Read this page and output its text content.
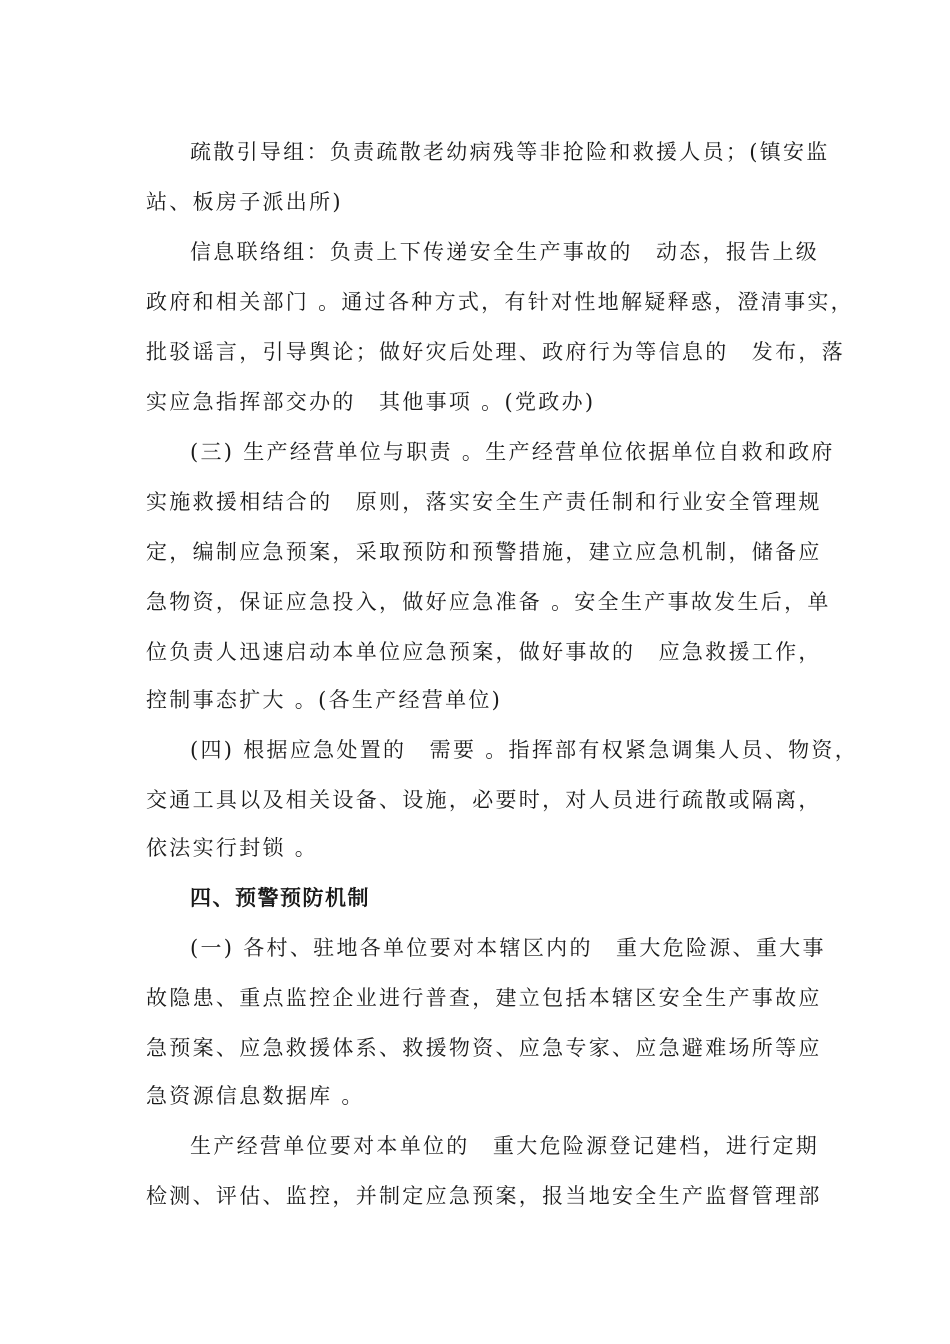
疏散引导组：负责疏散老幼病残等非抢险和救援人员；(镇安监
站、板房子派出所)
信息联络组：负责上下传递安全生产事故的　动态，报告上级
政府和相关部门 。通过各种方式，有针对性地解疑释惑，澄清事实，
批驳谣言，引导舆论；做好灾后处理、政府行为等信息的　发布，落
实应急指挥部交办的　其他事项 。(党政办)
(三) 生产经营单位与职责 。生产经营单位依据单位自救和政府
实施救援相结合的　原则，落实安全生产责任制和行业安全管理规
定，编制应急预案，采取预防和预警措施，建立应急机制，储备应
急物资，保证应急投入，做好应急准备 。安全生产事故发生后，单
位负责人迅速启动本单位应急预案，做好事故的　应急救援工作，
控制事态扩大 。(各生产经营单位)
(四) 根据应急处置的　需要 。指挥部有权紧急调集人员、物资，
交通工具以及相关设备、设施，必要时，对人员进行疏散或隔离，
依法实行封锁 。
四、预警预防机制
(一) 各村、驻地各单位要对本辖区内的　重大危险源、重大事
故隐患、重点监控企业进行普查，建立包括本辖区安全生产事故应
急预案、应急救援体系、救援物资、应急专家、应急避难场所等应
急资源信息数据库 。
生产经营单位要对本单位的　重大危险源登记建档，进行定期
检测、评估、监控，并制定应急预案，报当地安全生产监督管理部
